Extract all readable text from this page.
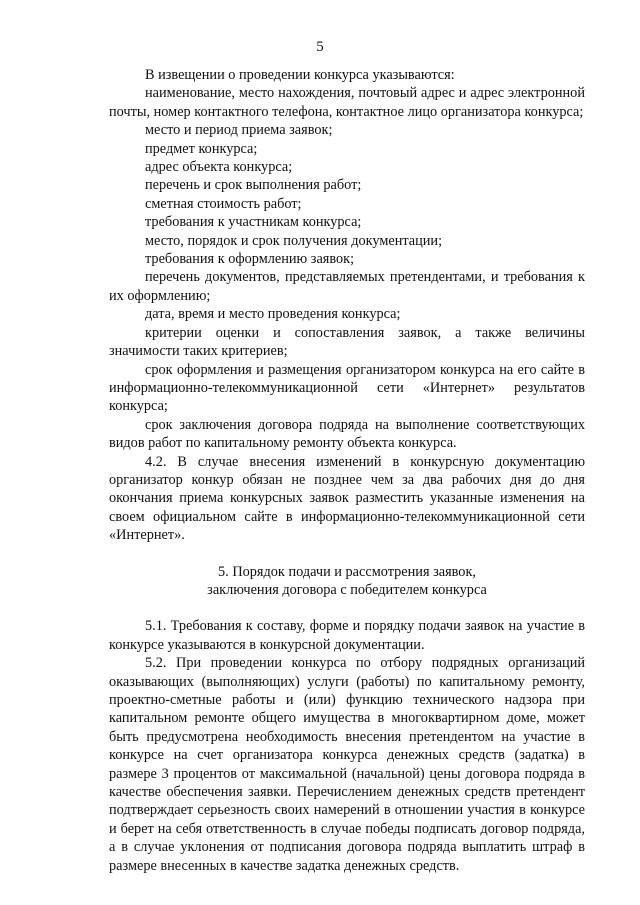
5

В извещении о проведении конкурса указываются:

наименование, место нахождения, почтовый адрес и адрес электронной почты, номер контактного телефона, контактное лицо организатора конкурса;

место и период приема заявок;

предмет конкурса;

адрес объекта конкурса;

перечень и срок выполнения работ;

сметная стоимость работ;

требования к участникам конкурса;

место, порядок и срок получения документации;

требования к оформлению заявок;

перечень документов, представляемых претендентами, и требования к их оформлению;

дата, время и место проведения конкурса;

критерии оценки и сопоставления заявок, а также величины значимости таких критериев;

срок оформления и размещения организатором конкурса на его сайте в информационно-телекоммуникационной сети «Интернет» результатов конкурса;

срок заключения договора подряда на выполнение соответствующих видов работ по капитальному ремонту объекта конкурса.

4.2. В случае внесения изменений в конкурсную документацию организатор конкур обязан не позднее чем за два рабочих дня до дня окончания приема конкурсных заявок разместить указанные изменения на своем официальном сайте в информационно-телекоммуникационной сети «Интернет».

5. Порядок подачи и рассмотрения заявок,

заключения договора с победителем конкурса

5.1. Требования к составу, форме и порядку подачи заявок на участие в конкурсе указываются в конкурсной документации.

5.2. При проведении конкурса по отбору подрядных организаций оказывающих (выполняющих) услуги (работы) по капитальному ремонту, проектно-сметные работы и (или) функцию технического надзора при капитальном ремонте общего имущества в многоквартирном доме, может быть предусмотрена необходимость внесения претендентом на участие в конкурсе на счет организатора конкурса денежных средств (задатка) в размере 3 процентов от максимальной (начальной) цены договора подряда в качестве обеспечения заявки. Перечислением денежных средств претендент подтверждает серьезность своих намерений в отношении участия в конкурсе и берет на себя ответственность в случае победы подписать договор подряда, а в случае уклонения от подписания договора подряда выплатить штраф в размере внесенных в качестве задатка денежных средств.
